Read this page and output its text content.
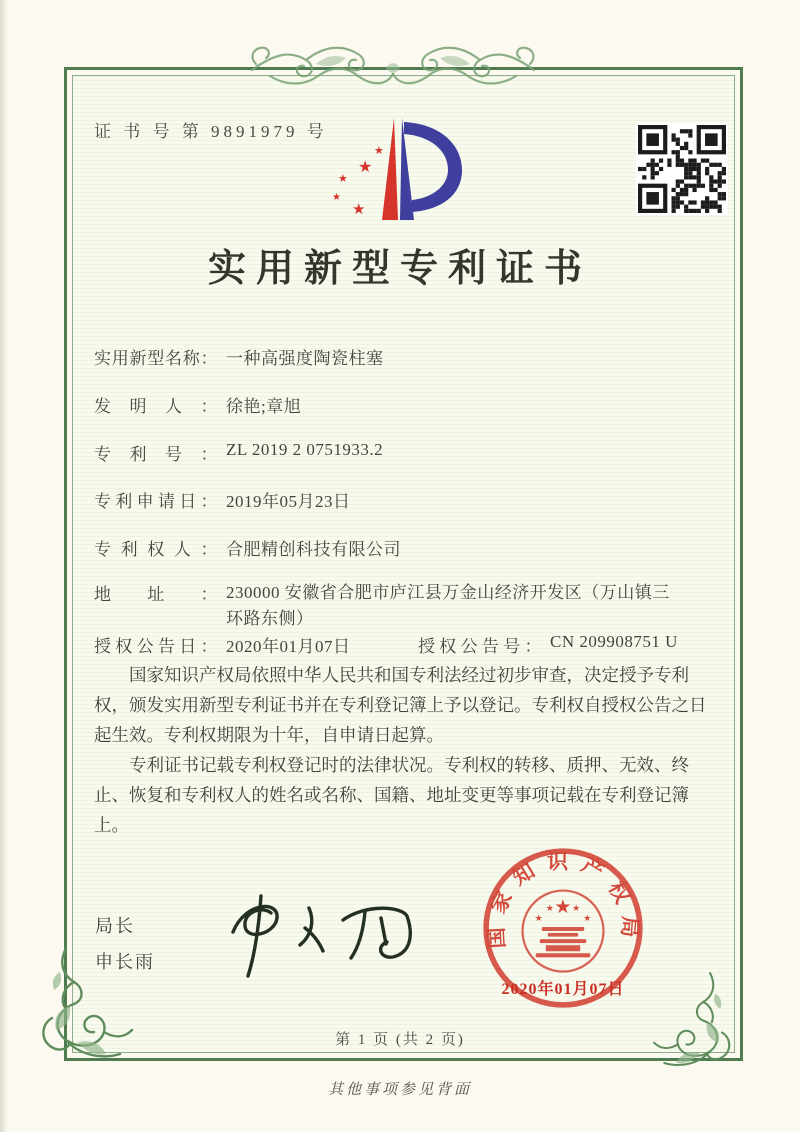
证 书 号 第 9891979 号
★
★
★
★
★
实用新型专利证书
实用新型名称： 一种高强度陶瓷柱塞
发明人： 徐艳;章旭
专利号： ZL 2019 2 0751933.2
专利申请日： 2019年05月23日
专利权人： 合肥精创科技有限公司
地址： 230000 安徽省合肥市庐江县万金山经济开发区（万山镇三环路东侧）
授权公告日： 2020年01月07日	授权公告号： CN 209908751 U

国家知识产权局依照中华人民共和国专利法经过初步审查，决定授予专利权，颁发实用新型专利证书并在专利登记簿上予以登记。专利权自授权公告之日起生效。专利权期限为十年，自申请日起算。

专利证书记载专利权登记时的法律状况。专利权的转移、质押、无效、终止、恢复和专利权人的姓名或名称、国籍、地址变更等事项记载在专利登记簿上。

局长
申长雨
国家知识产权局
★
★
★ ★
★
2020年01月07日
第 1 页 (共 2 页)
其他事项参见背面
